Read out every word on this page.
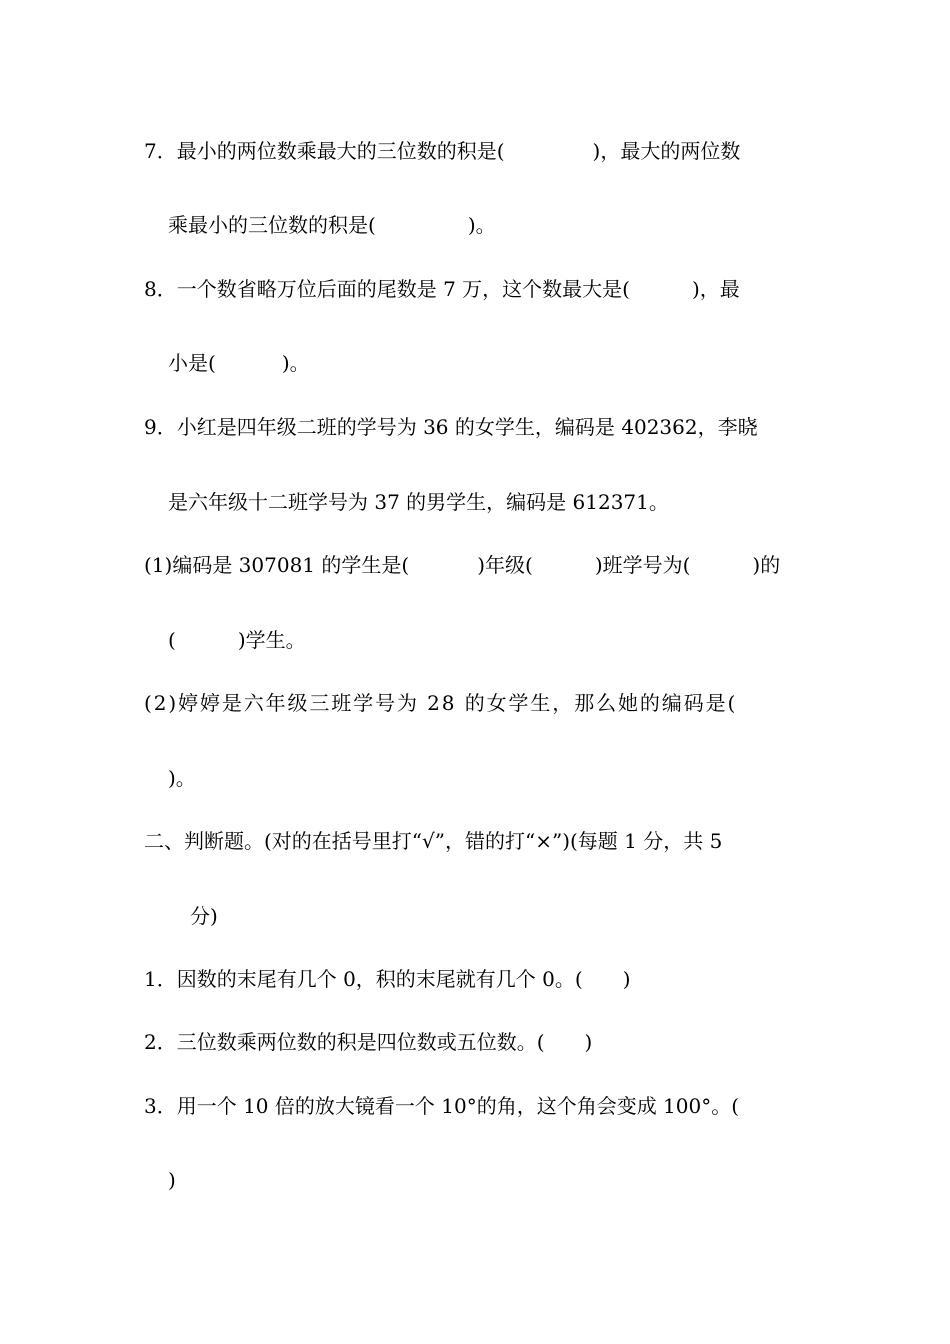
7．最小的两位数乘最大的三位数的积是(	)，最大的两位数

乘最小的三位数的积是(	)。

8．一个数省略万位后面的尾数是 7 万，这个数最大是(	)，最

小是(	)。

9．小红是四年级二班的学号为 36 的女学生，编码是 402362，李晓

是六年级十二班学号为 37 的男学生，编码是 612371。

(1)编码是 307081 的学生是(	)年级(	)班学号为(	)的

(	)学生。

(2)婷婷是六年级三班学号为 28 的女学生，那么她的编码是(

)。

二、判断题。(对的在括号里打“√”，错的打“×”)(每题 1 分，共 5

分)

1．因数的末尾有几个 0，积的末尾就有几个 0。( )

2．三位数乘两位数的积是四位数或五位数。( )

3．用一个 10 倍的放大镜看一个 10°的角，这个角会变成 100°。(

)
